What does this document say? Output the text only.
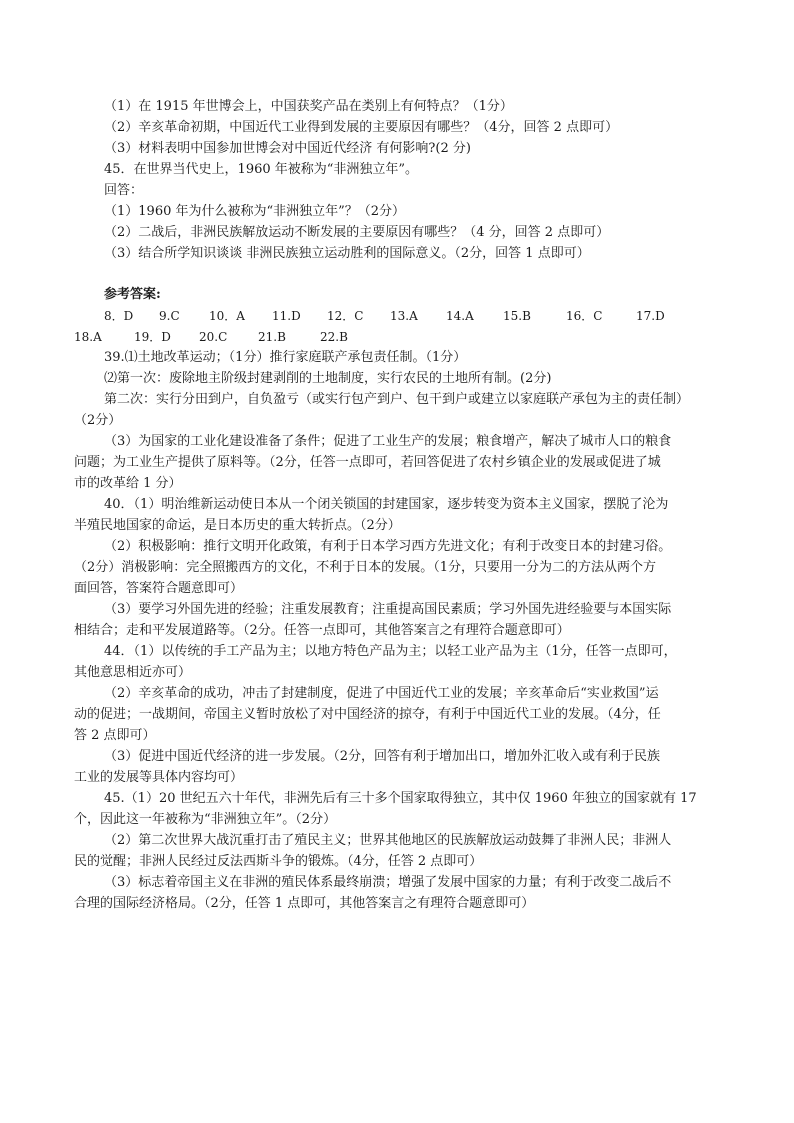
（1）在 1915 年世博会上，中国获奖产品在类别上有何特点？（1分）
（2）辛亥革命初期，中国近代工业得到发展的主要原因有哪些？（4分，回答 2 点即可）
（3）材料表明中国参加世博会对中国近代经济 有何影响?(2 分)
45．在世界当代史上，1960 年被称为“非洲独立年”。
回答：
（1）1960 年为什么被称为“非洲独立年”？（2分）
（2）二战后，非洲民族解放运动不断发展的主要原因有哪些？（4 分，回答 2 点即可）
（3）结合所学知识谈谈 非洲民族独立运动胜利的国际意义。（2分，回答 1 点即可）
参考答案:
8．D 9.C 10．A 11.D 12．C 13.A 14.A 15.B	16．C	17.D
18.A	19．D 20.C	21.B	22.B
39.⑴土地改革运动；（1分）推行家庭联产承包责任制。（1分）
⑵第一次：废除地主阶级封建剥削的土地制度，实行农民的土地所有制。(2分)
第二次：实行分田到户，自负盈亏（或实行包产到户、包干到户或建立以家庭联产承包为主的责任制）
（2分）
（3）为国家的工业化建设准备了条件；促进了工业生产的发展；粮食增产，解决了城市人口的粮食
问题；为工业生产提供了原料等。（2分，任答一点即可，若回答促进了农村乡镇企业的发展或促进了城
市的改革给 1 分）
40．（1）明治维新运动使日本从一个闭关锁国的封建国家，逐步转变为资本主义国家，摆脱了沦为
半殖民地国家的命运，是日本历史的重大转折点。（2分）
（2）积极影响：推行文明开化政策，有利于日本学习西方先进文化；有利于改变日本的封建习俗。
（2分）消极影响：完全照搬西方的文化，不利于日本的发展。（1分，只要用一分为二的方法从两个方
面回答，答案符合题意即可）
（3）要学习外国先进的经验；注重发展教育；注重提高国民素质；学习外国先进经验要与本国实际
相结合；走和平发展道路等。（2分。任答一点即可，其他答案言之有理符合题意即可）
44．（1）以传统的手工产品为主；以地方特色产品为主；以轻工业产品为主（1分，任答一点即可，
其他意思相近亦可）
（2）辛亥革命的成功，冲击了封建制度，促进了中国近代工业的发展；辛亥革命后“实业救国”运
动的促进；一战期间，帝国主义暂时放松了对中国经济的掠夺，有利于中国近代工业的发展。（4分，任
答 2 点即可）
（3）促进中国近代经济的进一步发展。（2分，回答有利于增加出口，增加外汇收入或有利于民族
工业的发展等具体内容均可）
45.（1）20 世纪五六十年代，非洲先后有三十多个国家取得独立，其中仅 1960 年独立的国家就有 17
个，因此这一年被称为“非洲独立年”。（2分）
（2）第二次世界大战沉重打击了殖民主义；世界其他地区的民族解放运动鼓舞了非洲人民；非洲人
民的觉醒；非洲人民经过反法西斯斗争的锻炼。（4分，任答 2 点即可）
（3）标志着帝国主义在非洲的殖民体系最终崩溃；增强了发展中国家的力量；有利于改变二战后不
合理的国际经济格局。（2分，任答 1 点即可，其他答案言之有理符合题意即可）
